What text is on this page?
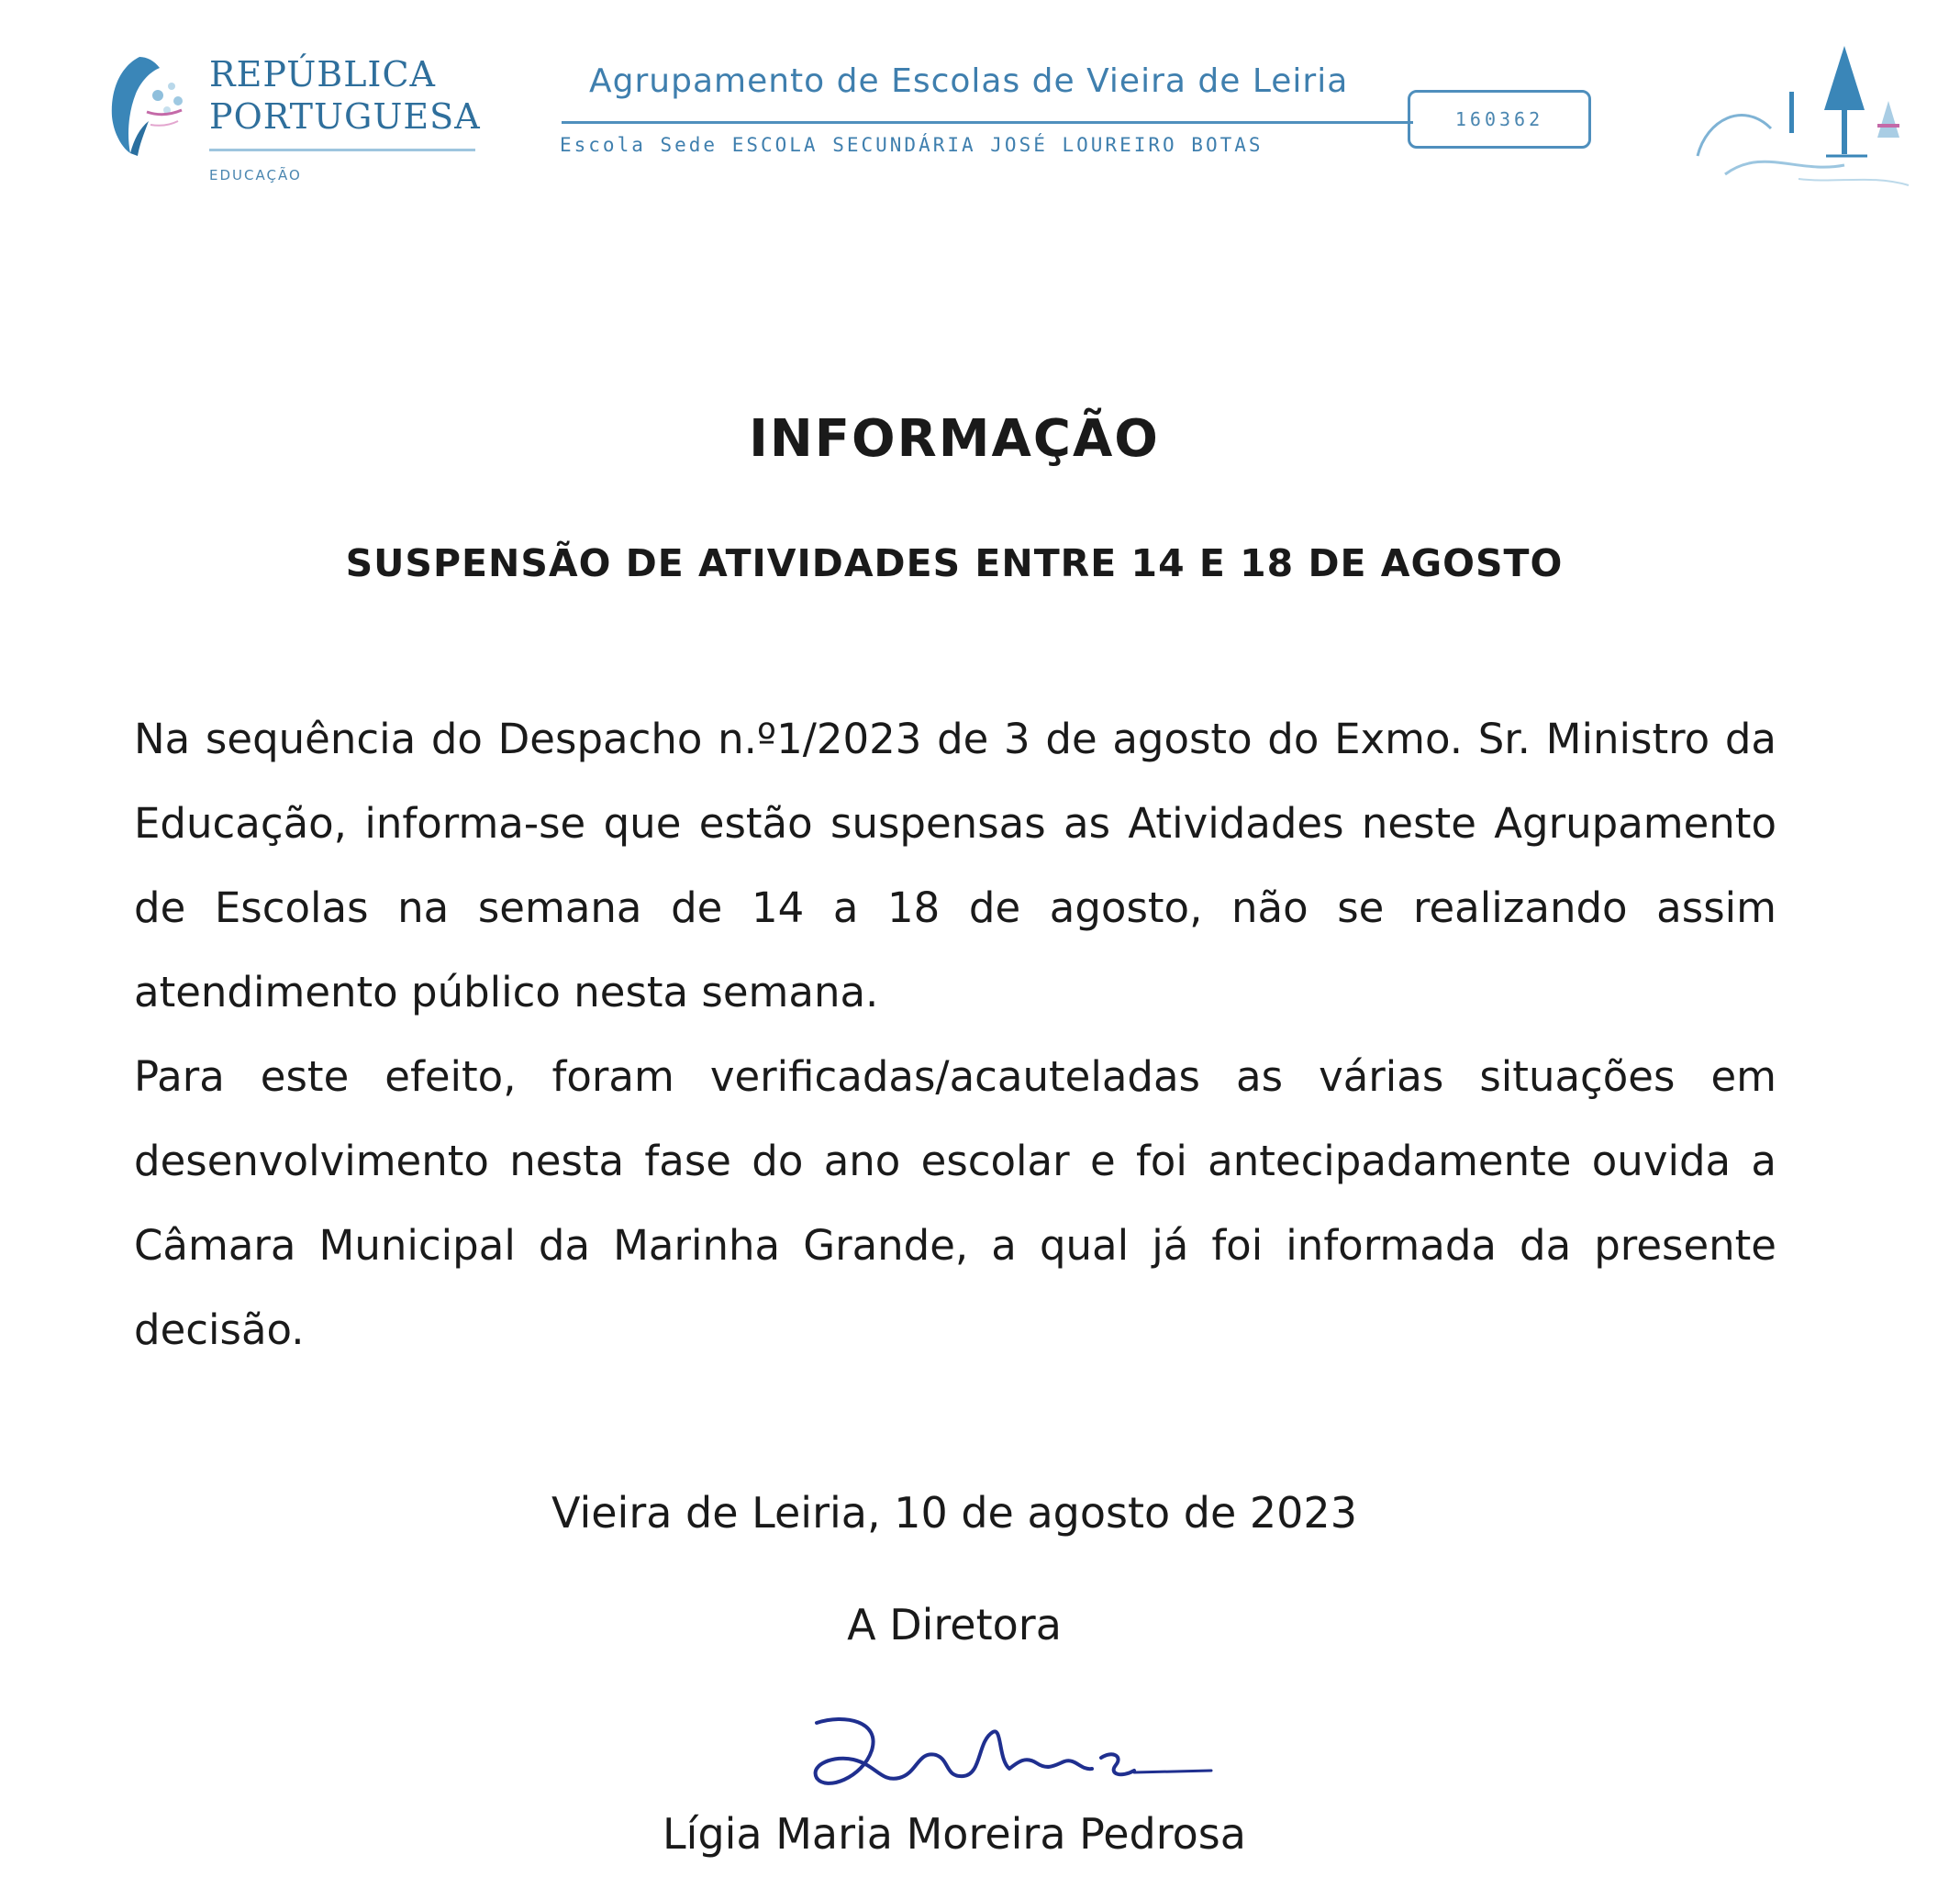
REPÚBLICA
PORTUGUESA
EDUCAÇÃO
Agrupamento de Escolas de Vieira de Leiria
Escola Sede ESCOLA SECUNDÁRIA JOSÉ LOUREIRO BOTAS
160362
INFORMAÇÃO
SUSPENSÃO DE ATIVIDADES ENTRE 14 E 18 DE AGOSTO

Na sequência do Despacho n.º1/2023 de 3 de agosto do Exmo. Sr. Ministro da Educação, informa-se que estão suspensas as Atividades neste Agrupamento de Escolas na semana de 14 a 18 de agosto, não se realizando assim atendimento público nesta semana.

Para este efeito, foram verificadas/acauteladas as várias situações em desenvolvimento nesta fase do ano escolar e foi antecipadamente ouvida a Câmara Municipal da Marinha Grande, a qual já foi informada da presente decisão.

Vieira de Leiria, 10 de agosto de 2023
A Diretora
Lígia Maria Moreira Pedrosa
